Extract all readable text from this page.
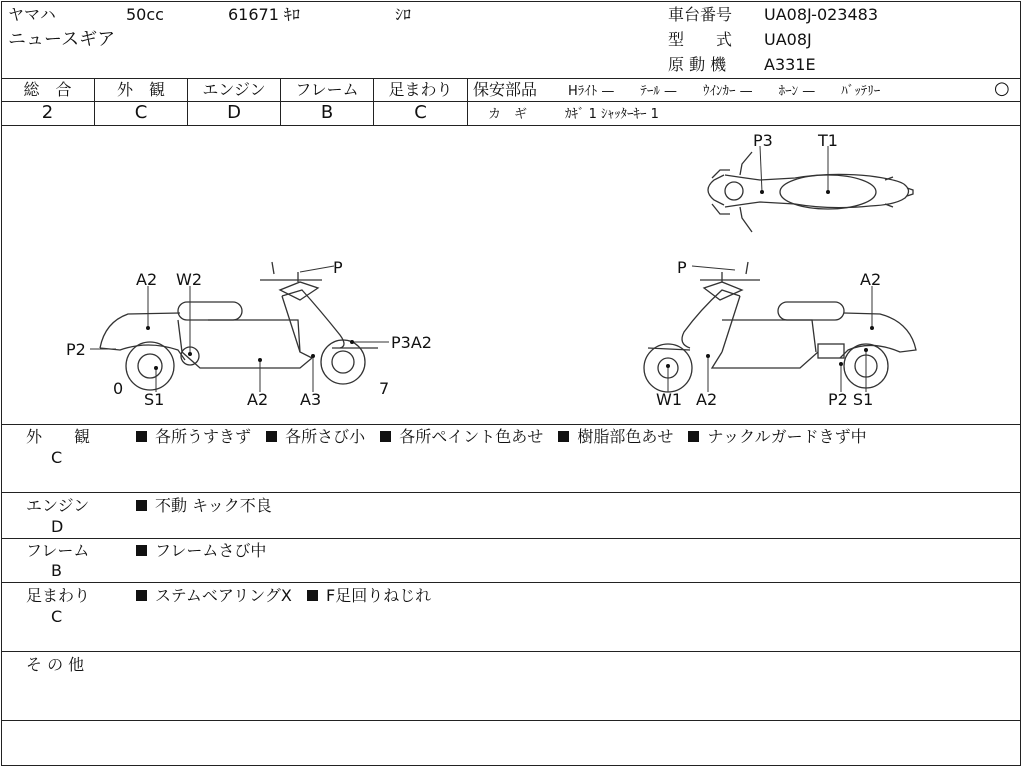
ヤマハ	50cc	61671 ｷﾛ	ｼﾛ
ニュースギア
車台番号 UA08J-023483
型　　式 UA08J
原 動 機 A331E
総　合	外　観	エンジン	フレーム	足まわり
2	C	D	B	C
保安部品 Hﾗｲﾄ —　　ﾃｰﾙ —　　ｳｲﾝｶｰ —　　ﾎｰﾝ —　　ﾊﾞｯﾃﾘｰ	○
カ　ギ	ｶｷﾞ 1 ｼｬｯﾀｰｷｰ 1
P3	T1
A2 W2
P
P2	P3A2
0	7
S1	A2 A3
P
A2
W1 A2	P2 S1
外　　観
C
各所うすきず 各所さび小 各所ペイント色あせ 樹脂部色あせ ナックルガードきず中
エンジン
D
不動 キック不良
フレーム
B
フレームさび中
足まわり
C
ステムベアリングX F足回りねじれ
そ の 他
